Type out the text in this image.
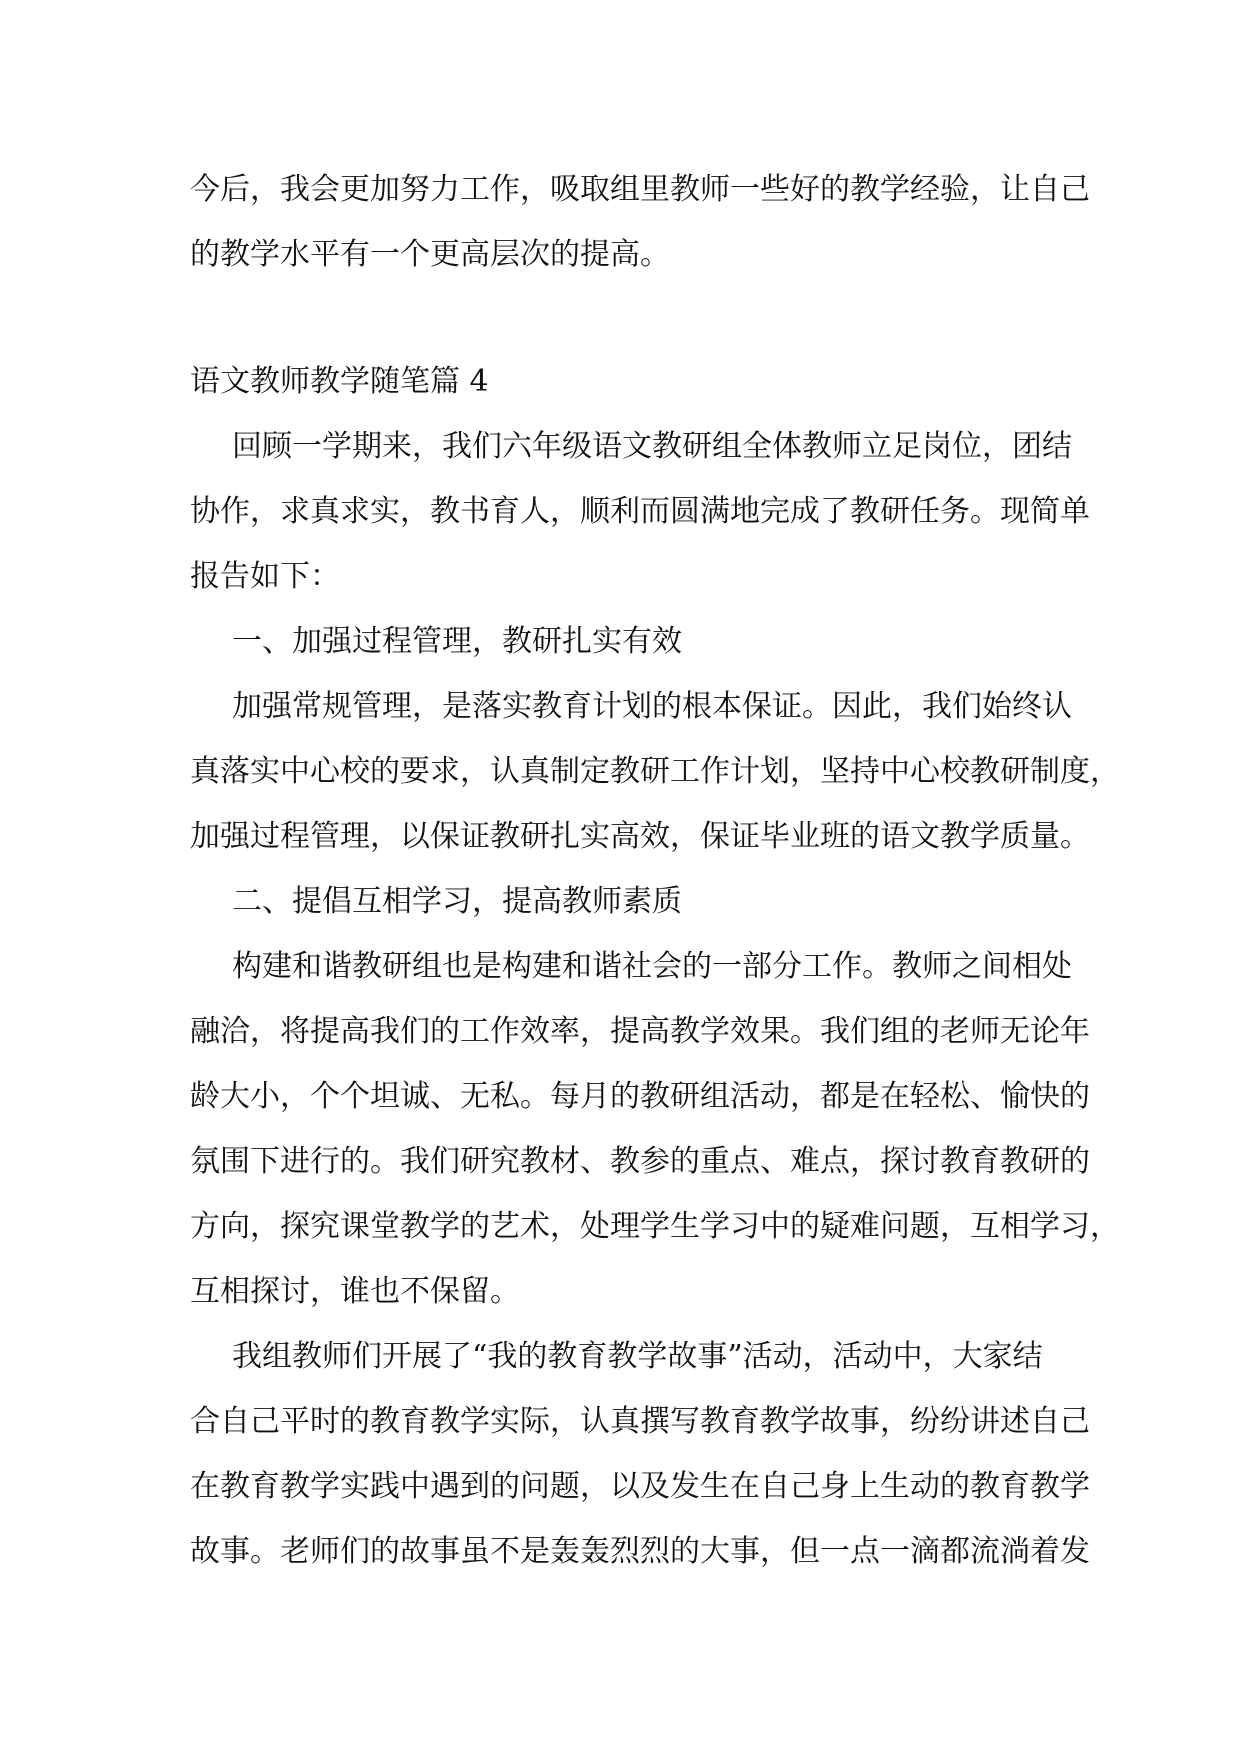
今后，我会更加努力工作，吸取组里教师一些好的教学经验，让自己
的教学水平有一个更高层次的提高。
语文教师教学随笔篇 4
回顾一学期来，我们六年级语文教研组全体教师立足岗位，团结
协作，求真求实，教书育人，顺利而圆满地完成了教研任务。现简单
报告如下：
一、加强过程管理，教研扎实有效
加强常规管理，是落实教育计划的根本保证。因此，我们始终认
真落实中心校的要求，认真制定教研工作计划，坚持中心校教研制度，
加强过程管理，以保证教研扎实高效，保证毕业班的语文教学质量。
二、提倡互相学习，提高教师素质
构建和谐教研组也是构建和谐社会的一部分工作。教师之间相处
融洽，将提高我们的工作效率，提高教学效果。我们组的老师无论年
龄大小，个个坦诚、无私。每月的教研组活动，都是在轻松、愉快的
氛围下进行的。我们研究教材、教参的重点、难点，探讨教育教研的
方向，探究课堂教学的艺术，处理学生学习中的疑难问题，互相学习，
互相探讨，谁也不保留。
我组教师们开展了“我的教育教学故事”活动，活动中，大家结
合自己平时的教育教学实际，认真撰写教育教学故事，纷纷讲述自己
在教育教学实践中遇到的问题，以及发生在自己身上生动的教育教学
故事。老师们的故事虽不是轰轰烈烈的大事，但一点一滴都流淌着发
